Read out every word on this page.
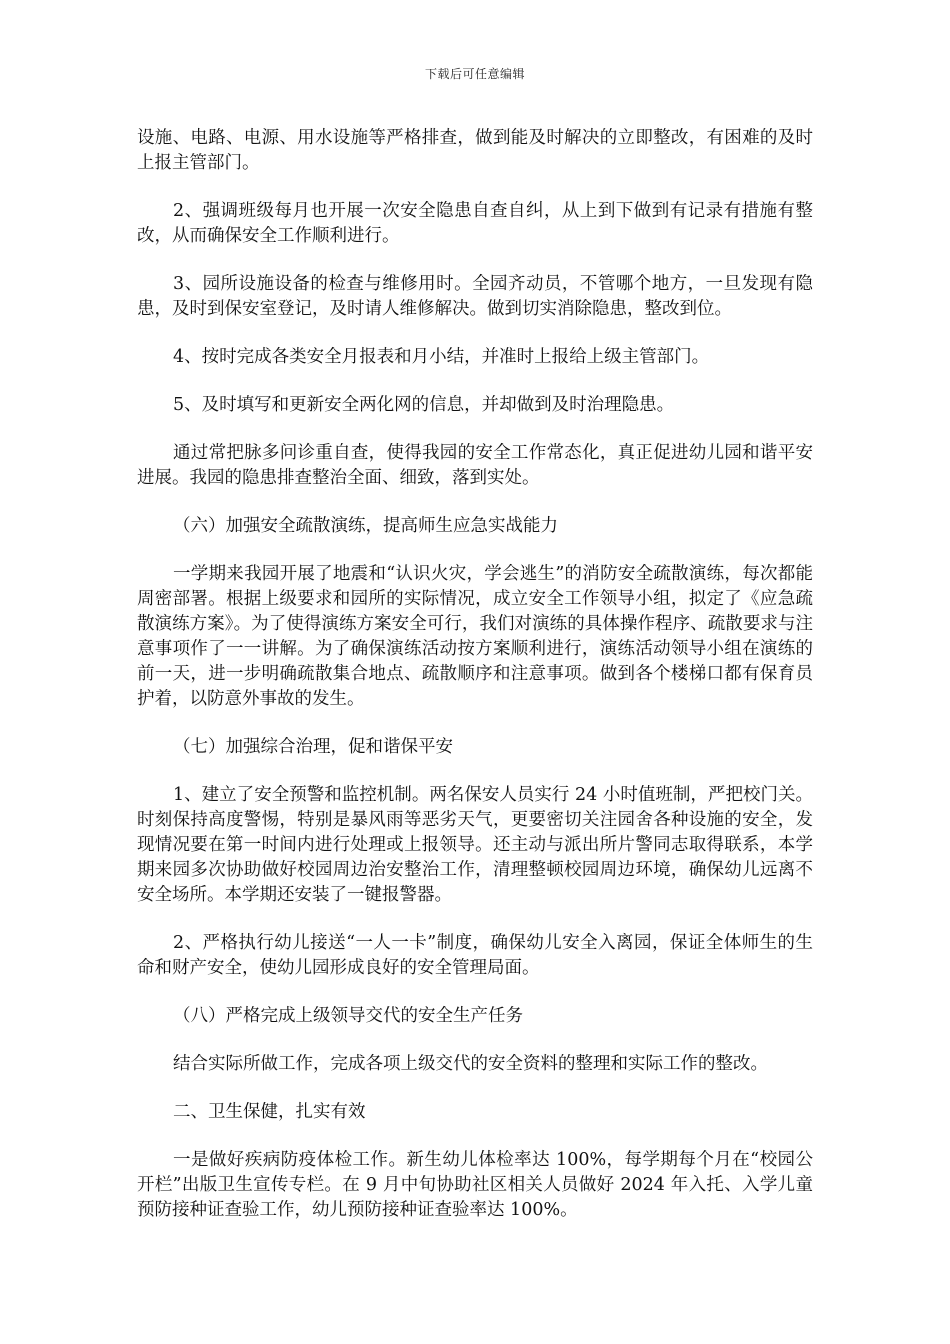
下载后可任意编辑

设施、电路、电源、用水设施等严格排查，做到能及时解决的立即整改，有困难的及时上报主管部门。

2、强调班级每月也开展一次安全隐患自查自纠，从上到下做到有记录有措施有整改，从而确保安全工作顺利进行。

3、园所设施设备的检查与维修用时。全园齐动员，不管哪个地方，一旦发现有隐患，及时到保安室登记，及时请人维修解决。做到切实消除隐患，整改到位。

4、按时完成各类安全月报表和月小结，并准时上报给上级主管部门。

5、及时填写和更新安全两化网的信息，并却做到及时治理隐患。

通过常把脉多问诊重自查，使得我园的安全工作常态化，真正促进幼儿园和谐平安进展。我园的隐患排查整治全面、细致，落到实处。

（六）加强安全疏散演练，提高师生应急实战能力

一学期来我园开展了地震和“认识火灾，学会逃生”的消防安全疏散演练，每次都能周密部署。根据上级要求和园所的实际情况，成立安全工作领导小组，拟定了《应急疏散演练方案》。为了使得演练方案安全可行，我们对演练的具体操作程序、疏散要求与注意事项作了一一讲解。为了确保演练活动按方案顺利进行，演练活动领导小组在演练的前一天，进一步明确疏散集合地点、疏散顺序和注意事项。做到各个楼梯口都有保育员护着，以防意外事故的发生。

（七）加强综合治理，促和谐保平安

1、建立了安全预警和监控机制。两名保安人员实行 24 小时值班制，严把校门关。时刻保持高度警惕，特别是暴风雨等恶劣天气，更要密切关注园舍各种设施的安全，发现情况要在第一时间内进行处理或上报领导。还主动与派出所片警同志取得联系，本学期来园多次协助做好校园周边治安整治工作，清理整顿校园周边环境，确保幼儿远离不安全场所。本学期还安装了一键报警器。

2、严格执行幼儿接送“一人一卡”制度，确保幼儿安全入离园，保证全体师生的生命和财产安全，使幼儿园形成良好的安全管理局面。

（八）严格完成上级领导交代的安全生产任务

结合实际所做工作，完成各项上级交代的安全资料的整理和实际工作的整改。

二、卫生保健，扎实有效

一是做好疾病防疫体检工作。新生幼儿体检率达 100%，每学期每个月在“校园公开栏”出版卫生宣传专栏。在 9 月中旬协助社区相关人员做好 2024 年入托、入学儿童预防接种证查验工作，幼儿预防接种证查验率达 100%。
